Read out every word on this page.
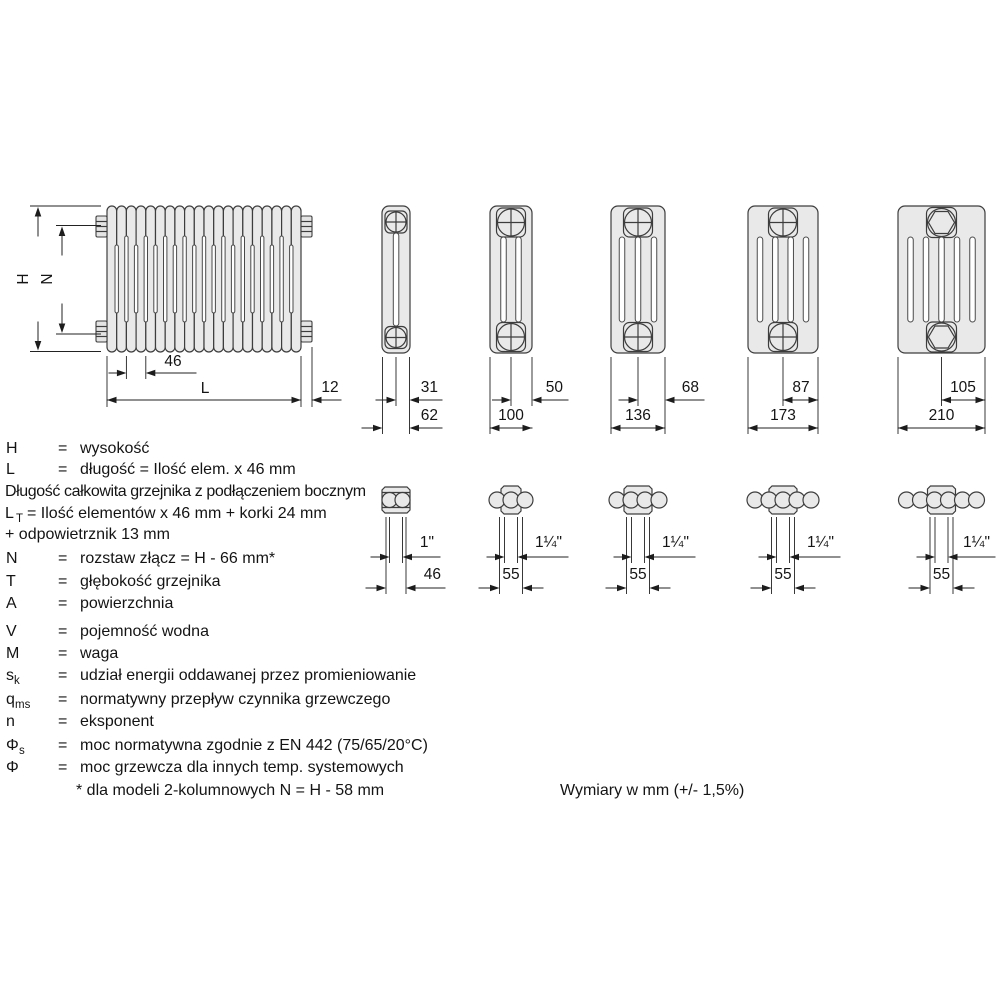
H N
46
L	12	31
62
50
100
68
136
87
173
105
210
1"
46
1¼"
55
1¼"
55
1¼"
55
1¼"
55
H	= wysokość
L	= długość = Ilość elem. x 46 mm
Długość całkowita grzejnika z podłączeniem bocznym
L T = Ilość elementów x 46 mm + korki 24 mm
+ odpowietrznik 13 mm
N	= rozstaw złącz = H - 66 mm*
T	= głębokość grzejnika
A	= powierzchnia
V	= pojemność wodna
M = waga
s k = udział energii oddawanej przez promieniowanie
q ms = normatywny przepływ czynnika grzewczego
n	= eksponent
Φ s = moc normatywna zgodnie z EN 442 (75/65/20°C)
Φ = moc grzewcza dla innych temp. systemowych
* dla modeli 2-kolumnowych N = H - 58 mm	Wymiary w mm (+/- 1,5%)
